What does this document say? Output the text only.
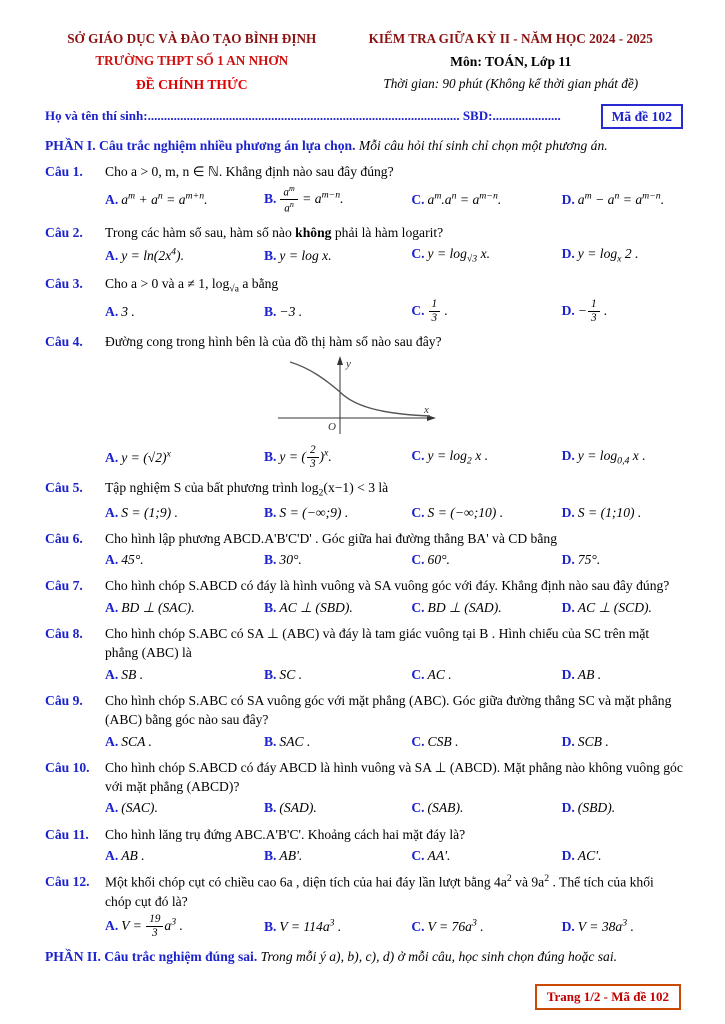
SỞ GIÁO DỤC VÀ ĐÀO TẠO BÌNH ĐỊNH
TRƯỜNG THPT SỐ 1 AN NHƠN
ĐỀ CHÍNH THỨC
KIỂM TRA GIỮA KỲ II - NĂM HỌC 2024 - 2025
Môn: TOÁN, Lớp 11
Thời gian: 90 phút (Không kể thời gian phát đề)
Họ và tên thí sinh:................................................................................................ SBD:.....................	Mã đề 102
PHẦN I. Câu trắc nghiệm nhiều phương án lựa chọn. Mỗi câu hỏi thí sinh chỉ chọn một phương án.
Câu 1.	Cho a > 0, m, n ∈ ℕ. Khẳng định nào sau đây đúng?
A. $a^m + a^n = a^{m+n}$.	B. $\frac{a^m}{a^n} = a^{m-n}$.	C. $a^m.a^n = a^{m-n}$.	D. $a^m - a^n = a^{m-n}$.
Câu 2.	Trong các hàm số sau, hàm số nào không phải là hàm logarit?
A. $y = \ln(2x^4)$.	B. y = log x.	C. $y = \log_{√3} x$.	D. $y = \log_x 2$ .
Câu 3.	Cho a > 0 và a ≠ 1, $\log_{√a} a$ bằng
A. 3 .	B. −3 .	C. $\frac{1}{3}$ .	D. − $\frac{1}{3}$ .
Câu 4.	Đường cong trong hình bên là của đồ thị hàm số nào sau đây?
y
x
O
A. $y = (√2)^x$	B. y = ( $\frac{2}{3} )^x$.	C. $y = \log_2 x$ .	D. $y = \log_{0,4} x$ .
Câu 5.	Tập nghiệm S của bất phương trình $\log_2(x-1) < 3$ là
A. S = (1;9) .	B. S = (−∞;9) .	C. S = (−∞;10) .	D. S = (1;10) .
Câu 6.	Cho hình lập phương ABCD.A'B'C'D' . Góc giữa hai đường thẳng BA' và CD bằng
A. 45°.	B. 30°.	C. 60°.	D. 75°.
Câu 7.	Cho hình chóp S.ABCD có đáy là hình vuông và SA vuông góc với đáy. Khẳng định nào sau đây đúng?
A. BD ⊥ (SAC).	B. AC ⊥ (SBD).	C. BD ⊥ (SAD).	D. AC ⊥ (SCD).
Câu 8.	Cho hình chóp S.ABC có SA ⊥ (ABC) và đáy là tam giác vuông tại B . Hình chiếu của SC trên mặt phẳng (ABC) là
A. SB .	B. SC .	C. AC .	D. AB .
Câu 9.	Cho hình chóp S.ABC có SA vuông góc với mặt phẳng (ABC). Góc giữa đường thẳng SC và mặt phẳng (ABC) bằng góc nào sau đây?
A. SCA .	B. SAC .	C. CSB .	D. SCB .
Câu 10.	Cho hình chóp S.ABCD có đáy ABCD là hình vuông và SA ⊥ (ABCD). Mặt phẳng nào không vuông góc với mặt phẳng (ABCD)?
A. (SAC).	B. (SAD).	C. (SAB).	D. (SBD).
Câu 11.	Cho hình lăng trụ đứng ABC.A'B'C'. Khoảng cách hai mặt đáy là?
A. AB .	B. AB'.	C. AA'.	D. AC'.
Câu 12.	Một khối chóp cụt có chiều cao 6a , diện tích của hai đáy lần lượt bằng $4a^2$ và $9a^2$ . Thể tích của khối chóp cụt đó là?
A. $V = \frac{19}{3} a^3$ .	B. $V = 114a^3$ .	C. $V = 76a^3$ .	D. $V = 38a^3$ .
PHẦN II. Câu trắc nghiệm đúng sai. Trong mỗi ý a), b), c), d) ở mỗi câu, học sinh chọn đúng hoặc sai.
Trang 1/2 - Mã đề 102
